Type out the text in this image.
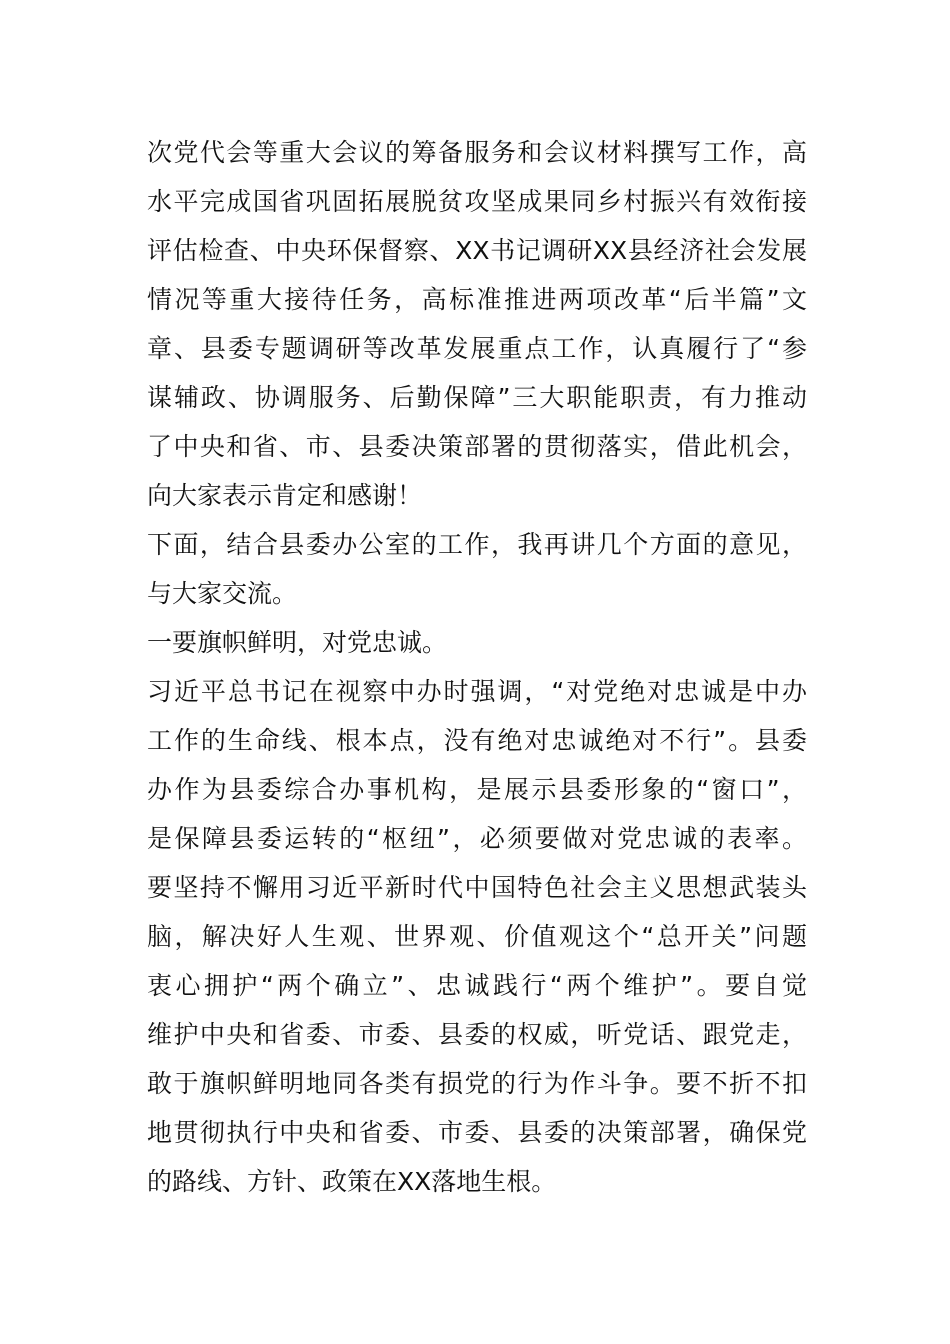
次党代会等重大会议的筹备服务和会议材料撰写工作，高
水平完成国省巩固拓展脱贫攻坚成果同乡村振兴有效衔接
评估检查、中央环保督察、XX书记调研XX县经济社会发展
情况等重大接待任务，高标准推进两项改革“后半篇”文
章、县委专题调研等改革发展重点工作，认真履行了“参
谋辅政、协调服务、后勤保障”三大职能职责，有力推动
了中央和省、市、县委决策部署的贯彻落实，借此机会，
向大家表示肯定和感谢！
下面，结合县委办公室的工作，我再讲几个方面的意见，
与大家交流。
一要旗帜鲜明，对党忠诚。
习近平总书记在视察中办时强调，“对党绝对忠诚是中办
工作的生命线、根本点，没有绝对忠诚绝对不行”。县委
办作为县委综合办事机构，是展示县委形象的“窗口”，
是保障县委运转的“枢纽”，必须要做对党忠诚的表率。
要坚持不懈用习近平新时代中国特色社会主义思想武装头
脑，解决好人生观、世界观、价值观这个“总开关”问题
衷心拥护“两个确立”、忠诚践行“两个维护”。要自觉
维护中央和省委、市委、县委的权威，听党话、跟党走，
敢于旗帜鲜明地同各类有损党的行为作斗争。要不折不扣
地贯彻执行中央和省委、市委、县委的决策部署，确保党
的路线、方针、政策在XX落地生根。
